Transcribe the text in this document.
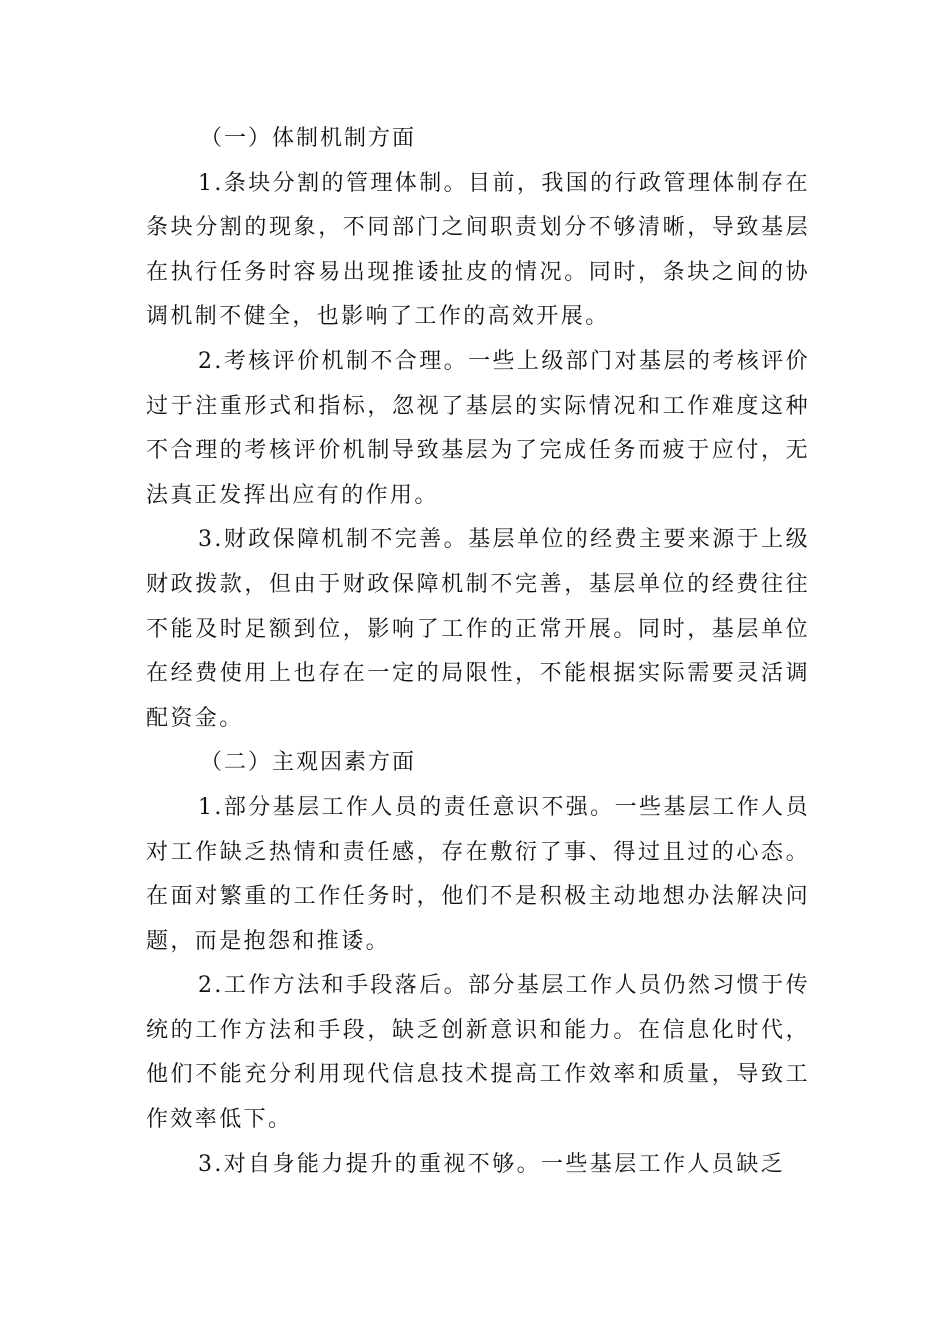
（一）体制机制方面

1.条块分割的管理体制。目前，我国的行政管理体制存在条块分割的现象，不同部门之间职责划分不够清晰，导致基层在执行任务时容易出现推诿扯皮的情况。同时，条块之间的协调机制不健全，也影响了工作的高效开展。

2.考核评价机制不合理。一些上级部门对基层的考核评价过于注重形式和指标，忽视了基层的实际情况和工作难度这种不合理的考核评价机制导致基层为了完成任务而疲于应付，无法真正发挥出应有的作用。

3.财政保障机制不完善。基层单位的经费主要来源于上级财政拨款，但由于财政保障机制不完善，基层单位的经费往往不能及时足额到位，影响了工作的正常开展。同时，基层单位在经费使用上也存在一定的局限性，不能根据实际需要灵活调配资金。

（二）主观因素方面

1.部分基层工作人员的责任意识不强。一些基层工作人员对工作缺乏热情和责任感，存在敷衍了事、得过且过的心态。在面对繁重的工作任务时，他们不是积极主动地想办法解决问题，而是抱怨和推诿。

2.工作方法和手段落后。部分基层工作人员仍然习惯于传统的工作方法和手段，缺乏创新意识和能力。在信息化时代，他们不能充分利用现代信息技术提高工作效率和质量，导致工作效率低下。

3.对自身能力提升的重视不够。一些基层工作人员缺乏
